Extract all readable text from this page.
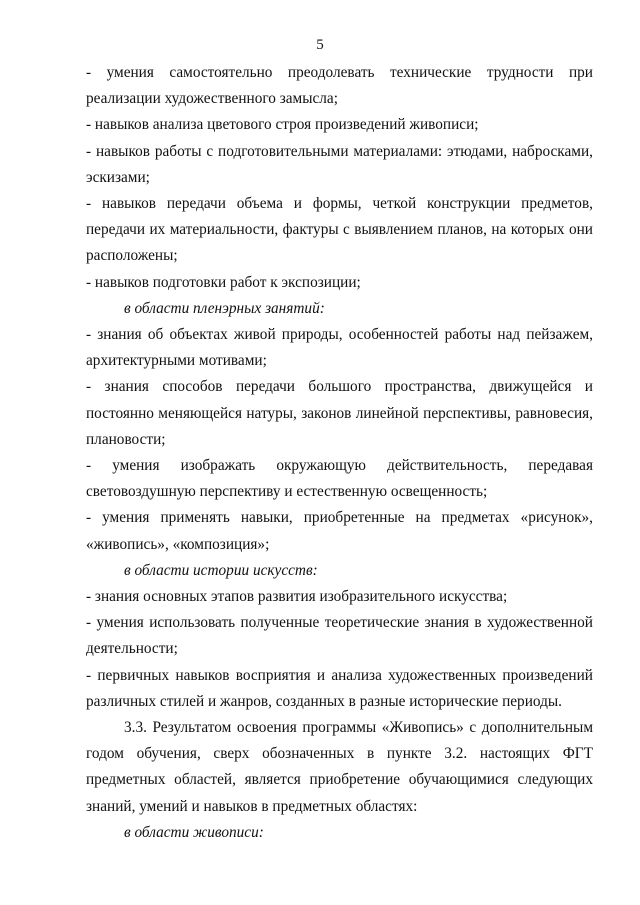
5

- умения самостоятельно преодолевать технические трудности при реализации художественного замысла;

- навыков анализа цветового строя произведений живописи;

- навыков работы с подготовительными материалами: этюдами, набросками, эскизами;

- навыков передачи объема и формы, четкой конструкции предметов, передачи их материальности, фактуры с выявлением планов, на которых они расположены;

- навыков подготовки работ к экспозиции;

в области пленэрных занятий:

- знания об объектах живой природы, особенностей работы над пейзажем, архитектурными мотивами;

- знания способов передачи большого пространства, движущейся и постоянно меняющейся натуры, законов линейной перспективы, равновесия, плановости;

- умения изображать окружающую действительность, передавая световоздушную перспективу и естественную освещенность;

- умения применять навыки, приобретенные на предметах «рисунок», «живопись», «композиция»;

в области истории искусств:

- знания основных этапов развития изобразительного искусства;

- умения использовать полученные теоретические знания в художественной деятельности;

- первичных навыков восприятия и анализа художественных произведений различных стилей и жанров, созданных в разные исторические периоды.

3.3. Результатом освоения программы «Живопись» с дополнительным годом обучения, сверх обозначенных в пункте 3.2. настоящих ФГТ предметных областей, является приобретение обучающимися следующих знаний, умений и навыков в предметных областях:

в области живописи:
